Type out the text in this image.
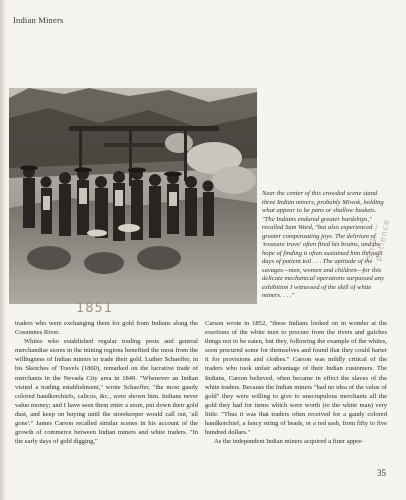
Indian Miners
Near the center of this crowded scene stand three Indian miners, probably Miwok, holding what appear to be pans or shallow baskets. "The Indians endured greater hardships," recalled Sam Ward, "but also experienced greater compensating joys. The delirium of 'treasure trove' often fired his brains, and the hope of finding it often sustained him through days of patient toil . . . The aptitude of the savages—men, women and children—for this delicate mechanical operations surpassed any exhibition I witnessed of the skill of white miners. . . ."
Shell — patience
1851

traders who were exchanging them for gold from Indians along the Cosumnes River.

Whites who established regular trading posts and general merchandise stores in the mining regions benefited the most from the willingness of Indian miners to trade their gold. Luther Schaeffer, in his Sketches of Travels (1860), remarked on the lucrative trade of merchants in the Nevada City area in 1849. "Whenever an Indian visited a trading establishment," wrote Schaeffer, "the most gaudy colored handkerchiefs, calicos, &c., were shown him. Indians never value money; and I have seen them enter a store, put down their gold dust, and keep on buying until the storekeeper would call out, 'all gone'." James Carson recalled similar scenes in his account of the growth of commerce between Indian miners and white traders. "In the early days of gold digging,"

Carson wrote in 1852, "these Indians looked on in wonder at the exertions of the white men to procure from the rivers and gulches things not to be eaten, but they, following the example of the whites, soon procured some for themselves and found that they could barter it for provisions and clothes." Carson was mildly critical of the traders who took unfair advantage of their Indian customers. The Indians, Carson believed, often became in effect the slaves of the white traders. Because the Indian miners "had no idea of the value of gold" they were willing to give to unscrupulous merchants all the gold they had for items which were worth (to the white man) very little. "Thus it was that traders often received for a gaudy colored handkerchief, a fancy string of beads, or a red sash, from fifty to five hundred dollars."

As the independent Indian miners acquired a finer appre-

35
